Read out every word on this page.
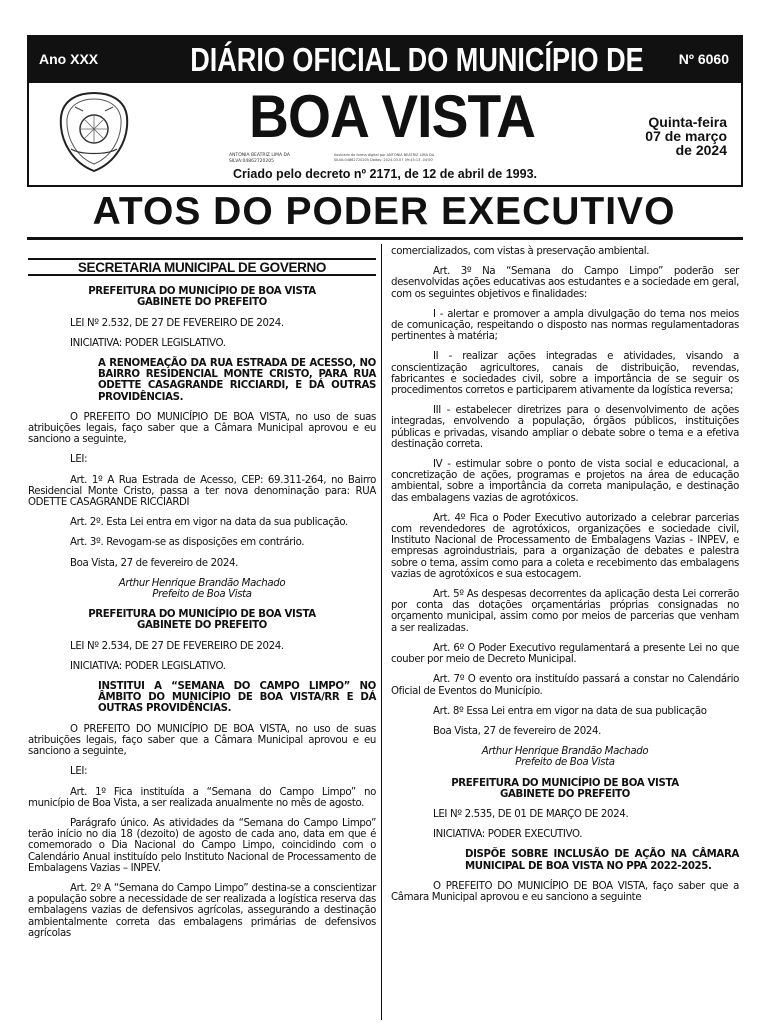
Ano XXX	DIÁRIO OFICIAL DO MUNICÍPIO DE	Nº 6060
BOA VISTA
ANTONIA BEATRIZ LIMA DA SILVA:04862720205
Assinado de forma digital por ANTONIA BEATRIZ LIMA DA SILVA:04862720205 Dados: 2024.03.07 09:45:13 -04'00'
Quinta-feira
07 de março
de 2024
Criado pelo decreto nº 2171, de 12 de abril de 1993.
ATOS DO PODER EXECUTIVO
SECRETARIA MUNICIPAL DE GOVERNO

PREFEITURA DO MUNICÍPIO DE BOA VISTA
GABINETE DO PREFEITO

LEI Nº 2.532, DE 27 DE FEVEREIRO DE 2024.

INICIATIVA: PODER LEGISLATIVO.

A RENOMEAÇÃO DA RUA ESTRADA DE ACESSO, NO BAIRRO RESIDENCIAL MONTE CRISTO, PARA RUA ODETTE CASAGRANDE RICCIARDI, E DÁ OUTRAS PROVIDÊNCIAS.

O PREFEITO DO MUNICÍPIO DE BOA VISTA, no uso de suas atribuições legais, faço saber que a Câmara Municipal aprovou e eu sanciono a seguinte,

LEI:

Art. 1º A Rua Estrada de Acesso, CEP: 69.311-264, no Bairro Residencial Monte Cristo, passa a ter nova denominação para: RUA ODETTE CASAGRANDE RICCIARDI

Art. 2º. Esta Lei entra em vigor na data da sua publicação.

Art. 3º. Revogam-se as disposições em contrário.

Boa Vista, 27 de fevereiro de 2024.

Arthur Henrique Brandão Machado
Prefeito de Boa Vista

PREFEITURA DO MUNICÍPIO DE BOA VISTA
GABINETE DO PREFEITO

LEI Nº 2.534, DE 27 DE FEVEREIRO DE 2024.

INICIATIVA: PODER LEGISLATIVO.

INSTITUI A “SEMANA DO CAMPO LIMPO” NO ÂMBITO DO MUNICÍPIO DE BOA VISTA/RR E DÁ OUTRAS PROVIDÊNCIAS.

O PREFEITO DO MUNICÍPIO DE BOA VISTA, no uso de suas atribuições legais, faço saber que a Câmara Municipal aprovou e eu sanciono a seguinte,

LEI:

Art. 1º Fica instituída a “Semana do Campo Limpo” no município de Boa Vista, a ser realizada anualmente no mês de agosto.

Parágrafo único. As atividades da “Semana do Campo Limpo” terão início no dia 18 (dezoito) de agosto de cada ano, data em que é comemorado o Dia Nacional do Campo Limpo, coincidindo com o Calendário Anual instituído pelo Instituto Nacional de Processamento de Embalagens Vazias – INPEV.

Art. 2º A “Semana do Campo Limpo” destina-se a conscientizar a população sobre a necessidade de ser realizada a logística reserva das embalagens vazias de defensivos agrícolas, assegurando a destinação ambientalmente correta das embalagens primárias de defensivos agrícolas

comercializados, com vistas à preservação ambiental.

Art. 3º Na “Semana do Campo Limpo” poderão ser desenvolvidas ações educativas aos estudantes e a sociedade em geral, com os seguintes objetivos e finalidades:

I - alertar e promover a ampla divulgação do tema nos meios de comunicação, respeitando o disposto nas normas regulamentadoras pertinentes à matéria;

II - realizar ações integradas e atividades, visando a conscientização agricultores, canais de distribuição, revendas, fabricantes e sociedades civil, sobre a importância de se seguir os procedimentos corretos e participarem ativamente da logística reversa;

III - estabelecer diretrizes para o desenvolvimento de ações integradas, envolvendo a população, órgãos públicos, instituições públicas e privadas, visando ampliar o debate sobre o tema e a efetiva destinação correta.

IV - estimular sobre o ponto de vista social e educacional, a concretização de ações, programas e projetos na área de educação ambiental, sobre a importância da correta manipulação, e destinação das embalagens vazias de agrotóxicos.

Art. 4º Fica o Poder Executivo autorizado a celebrar parcerias com revendedores de agrotóxicos, organizações e sociedade civil, Instituto Nacional de Processamento de Embalagens Vazias - INPEV, e empresas agroindustriais, para a organização de debates e palestra sobre o tema, assim como para a coleta e recebimento das embalagens vazias de agrotóxicos e sua estocagem.

Art. 5º As despesas decorrentes da aplicação desta Lei correrão por conta das dotações orçamentárias próprias consignadas no orçamento municipal, assim como por meios de parcerias que venham a ser realizadas.

Art. 6º O Poder Executivo regulamentará a presente Lei no que couber por meio de Decreto Municipal.

Art. 7º O evento ora instituído passará a constar no Calendário Oficial de Eventos do Município.

Art. 8º Essa Lei entra em vigor na data de sua publicação

Boa Vista, 27 de fevereiro de 2024.

Arthur Henrique Brandão Machado
Prefeito de Boa Vista

PREFEITURA DO MUNICÍPIO DE BOA VISTA
GABINETE DO PREFEITO

LEI Nº 2.535, DE 01 DE MARÇO DE 2024.

INICIATIVA: PODER EXECUTIVO.

DISPÕE SOBRE INCLUSÃO DE AÇÃO NA CÂMARA MUNICIPAL DE BOA VISTA NO PPA 2022-2025.

O PREFEITO DO MUNICÍPIO DE BOA VISTA, faço saber que a Câmara Municipal aprovou e eu sanciono a seguinte
